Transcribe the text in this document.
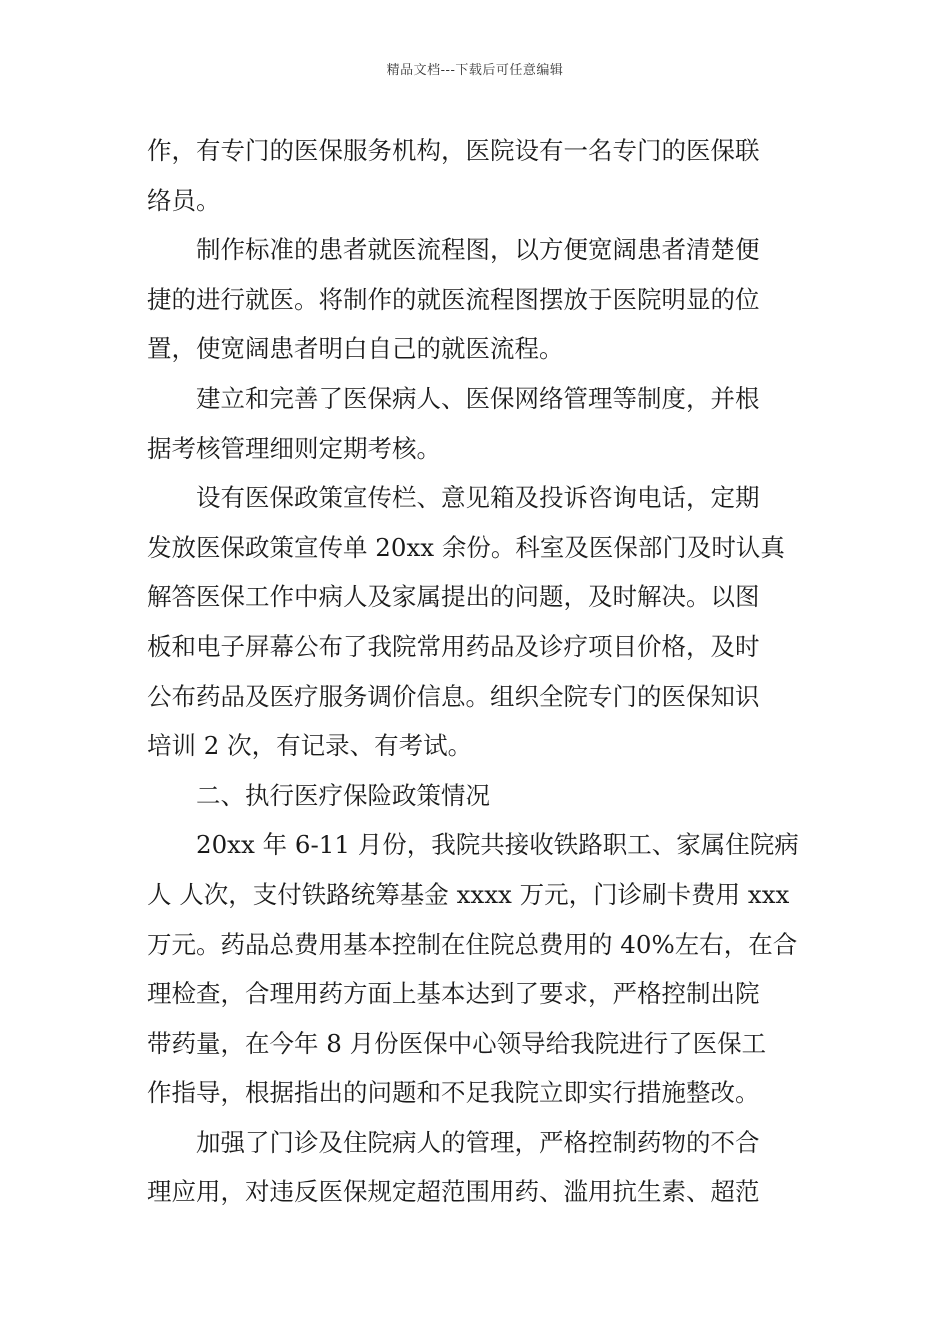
精品文档---下载后可任意编辑

作，有专门的医保服务机构，医院设有一名专门的医保联

络员。

制作标准的患者就医流程图，以方便宽阔患者清楚便

捷的进行就医。将制作的就医流程图摆放于医院明显的位

置，使宽阔患者明白自己的就医流程。

建立和完善了医保病人、医保网络管理等制度，并根

据考核管理细则定期考核。

设有医保政策宣传栏、意见箱及投诉咨询电话，定期

发放医保政策宣传单 20xx 余份。科室及医保部门及时认真

解答医保工作中病人及家属提出的问题，及时解决。以图

板和电子屏幕公布了我院常用药品及诊疗项目价格，及时

公布药品及医疗服务调价信息。组织全院专门的医保知识

培训 2 次，有记录、有考试。

二、执行医疗保险政策情况

20xx 年 6-11 月份，我院共接收铁路职工、家属住院病

人 人次，支付铁路统筹基金 xxxx 万元，门诊刷卡费用 xxx

万元。药品总费用基本控制在住院总费用的 40%左右，在合

理检查，合理用药方面上基本达到了要求，严格控制出院

带药量，在今年 8 月份医保中心领导给我院进行了医保工

作指导，根据指出的问题和不足我院立即实行措施整改。

加强了门诊及住院病人的管理，严格控制药物的不合

理应用，对违反医保规定超范围用药、滥用抗生素、超范
